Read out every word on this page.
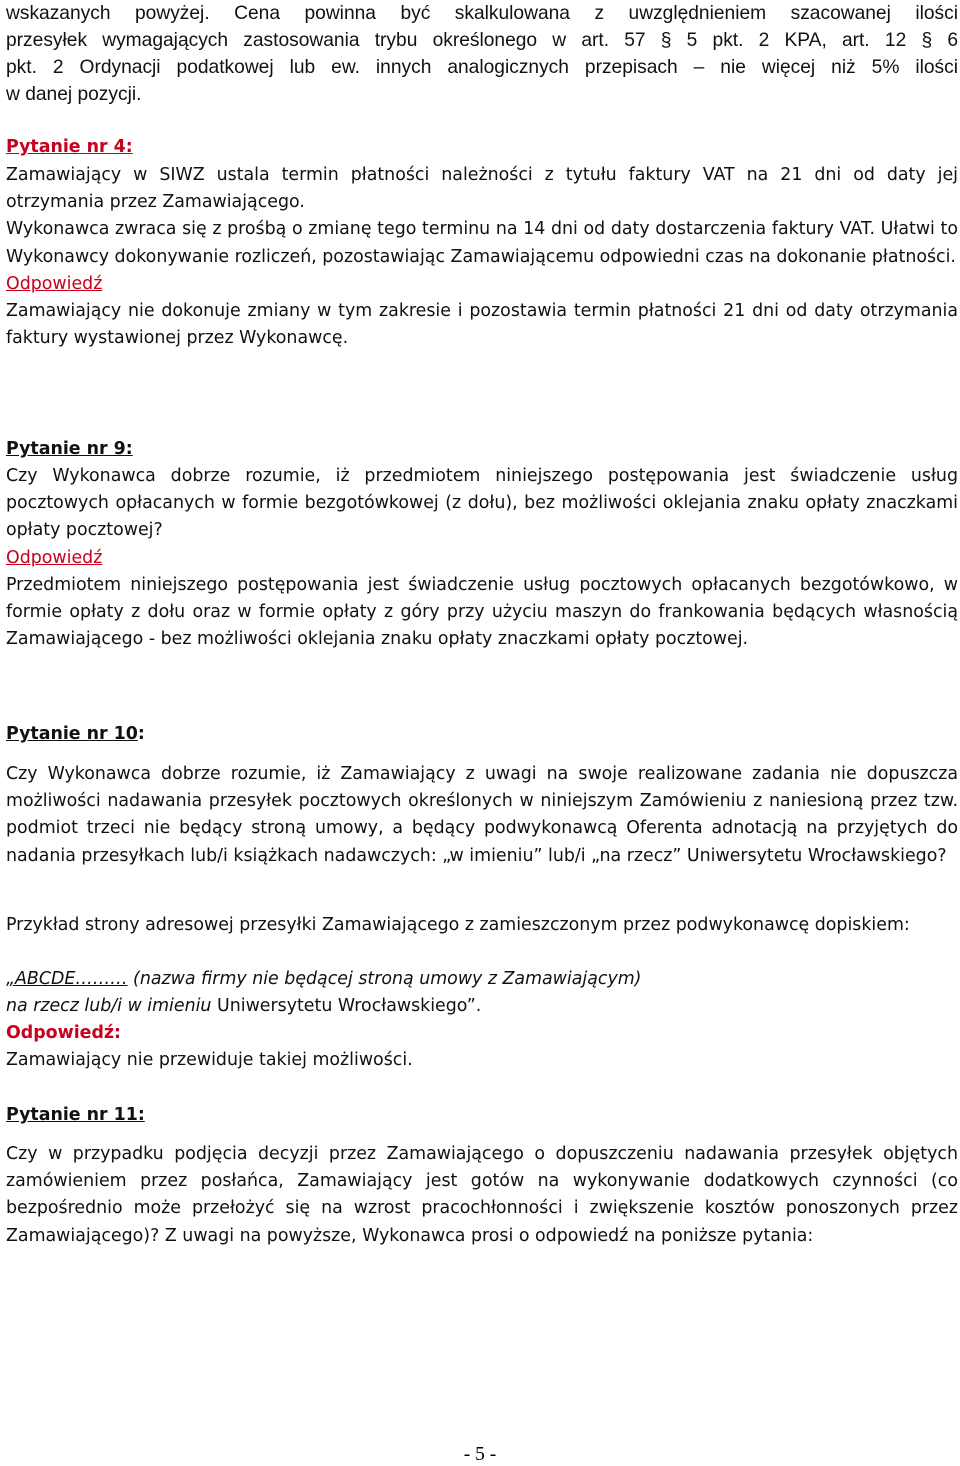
wskazanych powyżej. Cena powinna być skalkulowana z uwzględnieniem szacowanej ilości
przesyłek wymagających zastosowania trybu określonego w art. 57 § 5 pkt. 2 KPA, art. 12 § 6
pkt. 2 Ordynacji podatkowej lub ew. innych analogicznych przepisach – nie więcej niż 5% ilości
w danej pozycji.
Pytanie nr 4:

Zamawiający w SIWZ ustala termin płatności należności z tytułu faktury VAT na 21 dni od daty jej otrzymania przez Zamawiającego.

Wykonawca zwraca się z prośbą o zmianę tego terminu na 14 dni od daty dostarczenia faktury VAT. Ułatwi to Wykonawcy dokonywanie rozliczeń, pozostawiając Zamawiającemu odpowiedni czas na dokonanie płatności.

Odpowiedź

Zamawiający nie dokonuje zmiany w tym zakresie i pozostawia termin płatności 21 dni od daty otrzymania faktury wystawionej przez Wykonawcę.

Pytanie nr 9:

Czy Wykonawca dobrze rozumie, iż przedmiotem niniejszego postępowania jest świadczenie usług pocztowych opłacanych w formie bezgotówkowej (z dołu), bez możliwości oklejania znaku opłaty znaczkami opłaty pocztowej?

Odpowiedź

Przedmiotem niniejszego postępowania jest świadczenie usług pocztowych opłacanych bezgotówkowo, w formie opłaty z dołu oraz w formie opłaty z góry przy użyciu maszyn do frankowania będących własnością Zamawiającego - bez możliwości oklejania znaku opłaty znaczkami opłaty pocztowej.

Pytanie nr 10:
Czy Wykonawca dobrze rozumie, iż Zamawiający z uwagi na swoje realizowane zadania nie dopuszcza możliwości nadawania przesyłek pocztowych określonych w niniejszym Zamówieniu z naniesioną przez tzw. podmiot trzeci nie będący stroną umowy, a będący podwykonawcą Oferenta adnotacją na przyjętych do nadania przesyłkach lub/i książkach nadawczych: „w imieniu” lub/i „na rzecz” Uniwersytetu Wrocławskiego?
Przykład strony adresowej przesyłki Zamawiającego z zamieszczonym przez podwykonawcę dopiskiem:
„ABCDE……… (nazwa firmy nie będącej stroną umowy z Zamawiającym)
na rzecz lub/i w imieniu Uniwersytetu Wrocławskiego”.
Odpowiedź:
Zamawiający nie przewiduje takiej możliwości.
Pytanie nr 11:
Czy w przypadku podjęcia decyzji przez Zamawiającego o dopuszczeniu nadawania przesyłek objętych zamówieniem przez posłańca, Zamawiający jest gotów na wykonywanie dodatkowych czynności (co bezpośrednio może przełożyć się na wzrost pracochłonności i zwiększenie kosztów ponoszonych przez Zamawiającego)? Z uwagi na powyższe, Wykonawca prosi o odpowiedź na poniższe pytania:
- 5 -
